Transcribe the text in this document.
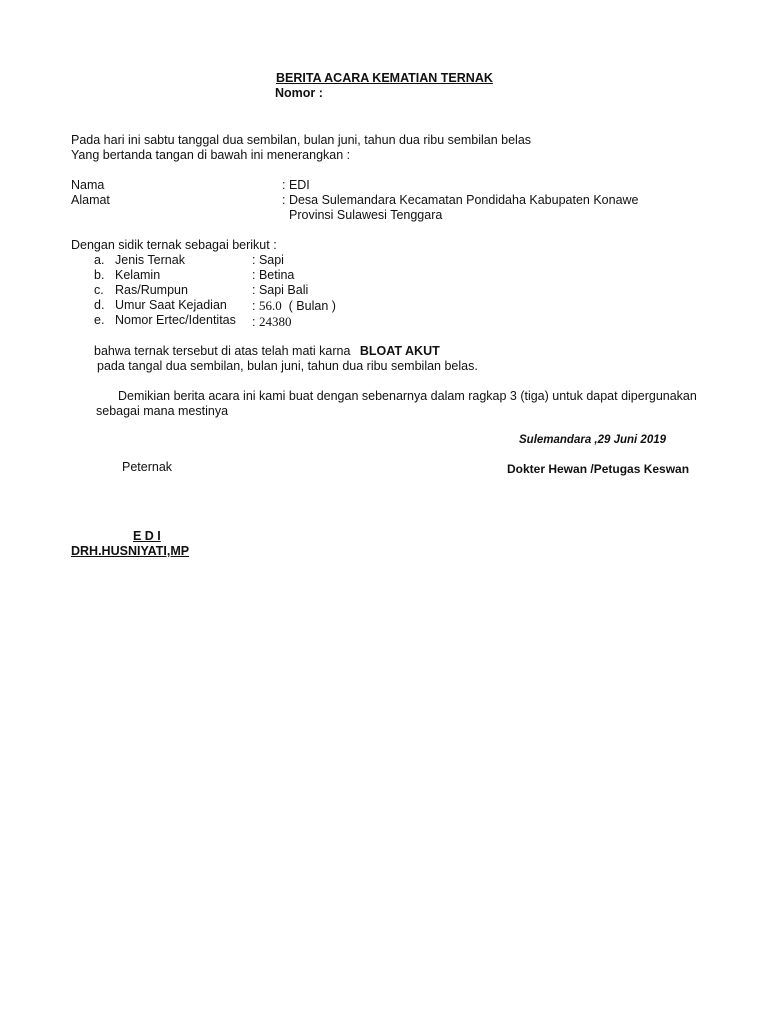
BERITA ACARA KEMATIAN TERNAK
Nomor :
Pada hari ini sabtu tanggal dua sembilan, bulan juni, tahun dua ribu sembilan belas
Yang bertanda tangan di bawah ini menerangkan :
Nama	: EDI
Alamat	: Desa Sulemandara Kecamatan Pondidaha Kabupaten Konawe
Provinsi Sulawesi Tenggara
Dengan sidik ternak sebagai berikut :
a. Jenis Ternak	: Sapi
b. Kelamin	: Betina
c. Ras/Rumpun	: Sapi Bali
d. Umur Saat Kejadian : 56.0  ( Bulan )
e. Nomor Ertec/Identitas : 24380
bahwa ternak tersebut di atas telah mati karna BLOAT AKUT
pada tangal dua sembilan, bulan juni, tahun dua ribu sembilan belas.
Demikian berita acara ini kami buat dengan sebenarnya dalam ragkap 3 (tiga) untuk dapat dipergunakan
sebagai mana mestinya
Sulemandara ,29 Juni 2019
Peternak	Dokter Hewan /Petugas Keswan
E D I
DRH.HUSNIYATI,MP
